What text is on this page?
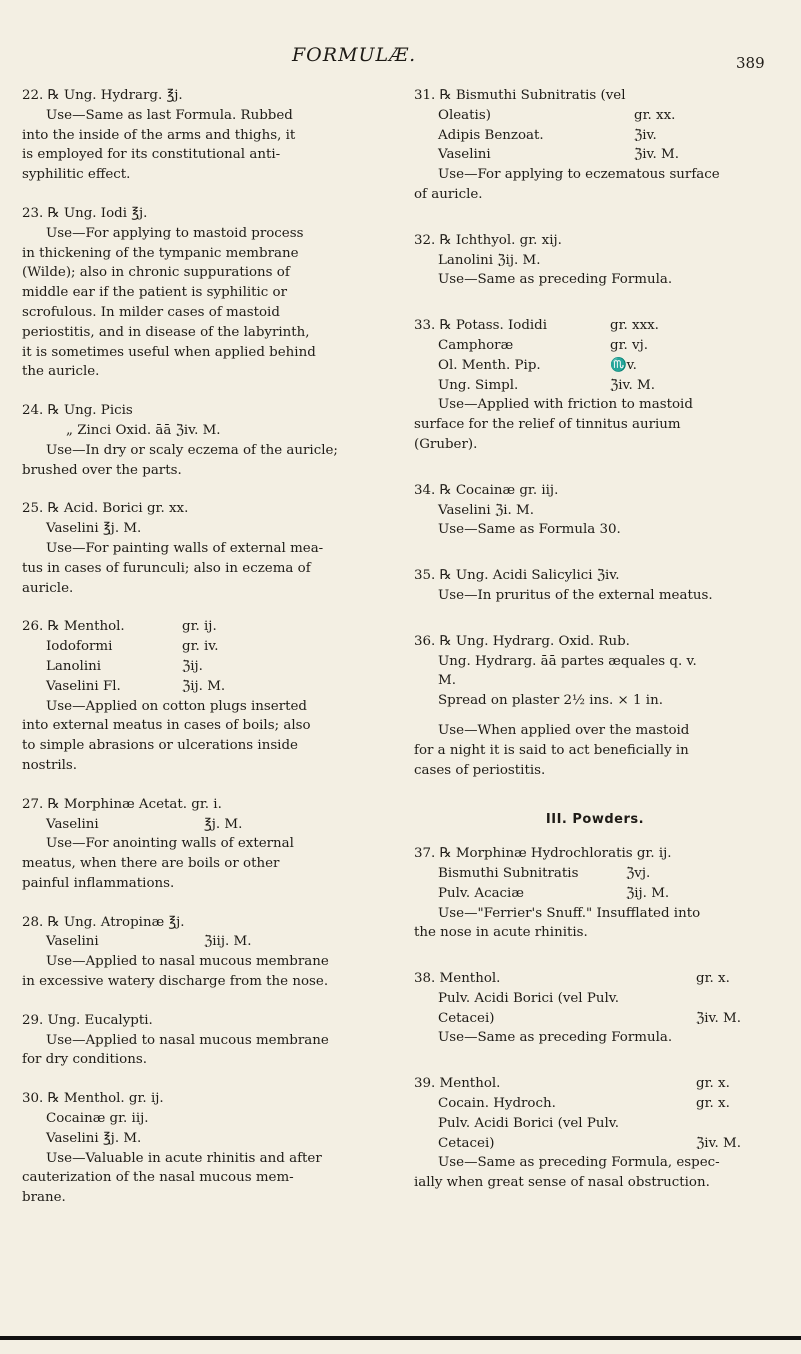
FORMULÆ.	389
22. ℞ Ung. Hydrarg. ℥j.
Use—Same as last Formula. Rubbed
into the inside of the arms and thighs, it
is employed for its constitutional anti-
syphilitic effect.
23. ℞ Ung. Iodi ℥j.
Use—For applying to mastoid process
in thickening of the tympanic membrane
(Wilde); also in chronic suppurations of
middle ear if the patient is syphilitic or
scrofulous. In milder cases of mastoid
periostitis, and in disease of the labyrinth,
it is sometimes useful when applied behind
the auricle.
24. ℞ Ung. Picis
„ Zinci Oxid. āā ℨiv. M.
Use—In dry or scaly eczema of the auricle;
brushed over the parts.
25. ℞ Acid. Borici gr. xx.
Vaselini ℥j. M.
Use—For painting walls of external mea-
tus in cases of furunculi; also in eczema of
auricle.
26. ℞ Menthol.	gr. ij.
Iodoformi	gr. iv.
Lanolini	ℨij.
Vaselini Fl.	ℨij. M.
Use—Applied on cotton plugs inserted
into external meatus in cases of boils; also
to simple abrasions or ulcerations inside
nostrils.
27. ℞ Morphinæ Acetat. gr. i.
Vaselini	℥j. M.
Use—For anointing walls of external
meatus, when there are boils or other
painful inflammations.
28. ℞ Ung. Atropinæ ℥j.
Vaselini	ℨiij. M.
Use—Applied to nasal mucous membrane
in excessive watery discharge from the nose.
29. Ung. Eucalypti.
Use—Applied to nasal mucous membrane
for dry conditions.
30. ℞ Menthol. gr. ij.
Cocainæ gr. iij.
Vaselini ℥j. M.
Use—Valuable in acute rhinitis and after
cauterization of the nasal mucous mem-
brane.
31. ℞ Bismuthi Subnitratis (vel
Oleatis)	gr. xx.
Adipis Benzoat.	ℨiv.
Vaselini	ℨiv. M.
Use—For applying to eczematous surface
of auricle.
32. ℞ Ichthyol. gr. xij.
Lanolini ℨij. M.
Use—Same as preceding Formula.
33. ℞ Potass. Iodidi	gr. xxx.
Camphoræ	gr. vj.
Ol. Menth. Pip.	♏v.
Ung. Simpl.	ℨiv. M.
Use—Applied with friction to mastoid
surface for the relief of tinnitus aurium
(Gruber).
34. ℞ Cocainæ gr. iij.
Vaselini ℨi. M.
Use—Same as Formula 30.
35. ℞ Ung. Acidi Salicylici ℨiv.
Use—In pruritus of the external meatus.
36. ℞ Ung. Hydrarg. Oxid. Rub.
Ung. Hydrarg. āā partes æquales q. v.
M.
Spread on plaster 2½ ins. × 1 in.
Use—When applied over the mastoid
for a night it is said to act beneficially in
cases of periostitis.
III. Powders.
37. ℞ Morphinæ Hydrochloratis gr. ij.
Bismuthi Subnitratis	ℨvj.
Pulv. Acaciæ	ℨij. M.
Use—"Ferrier's Snuff." Insufflated into
the nose in acute rhinitis.
38. Menthol.	gr. x.
Pulv. Acidi Borici (vel Pulv.
Cetacei)	ℨiv. M.
Use—Same as preceding Formula.
39. Menthol.	gr. x.
Cocain. Hydroch.	gr. x.
Pulv. Acidi Borici (vel Pulv.
Cetacei)	ℨiv. M.
Use—Same as preceding Formula, espec-
ially when great sense of nasal obstruction.
